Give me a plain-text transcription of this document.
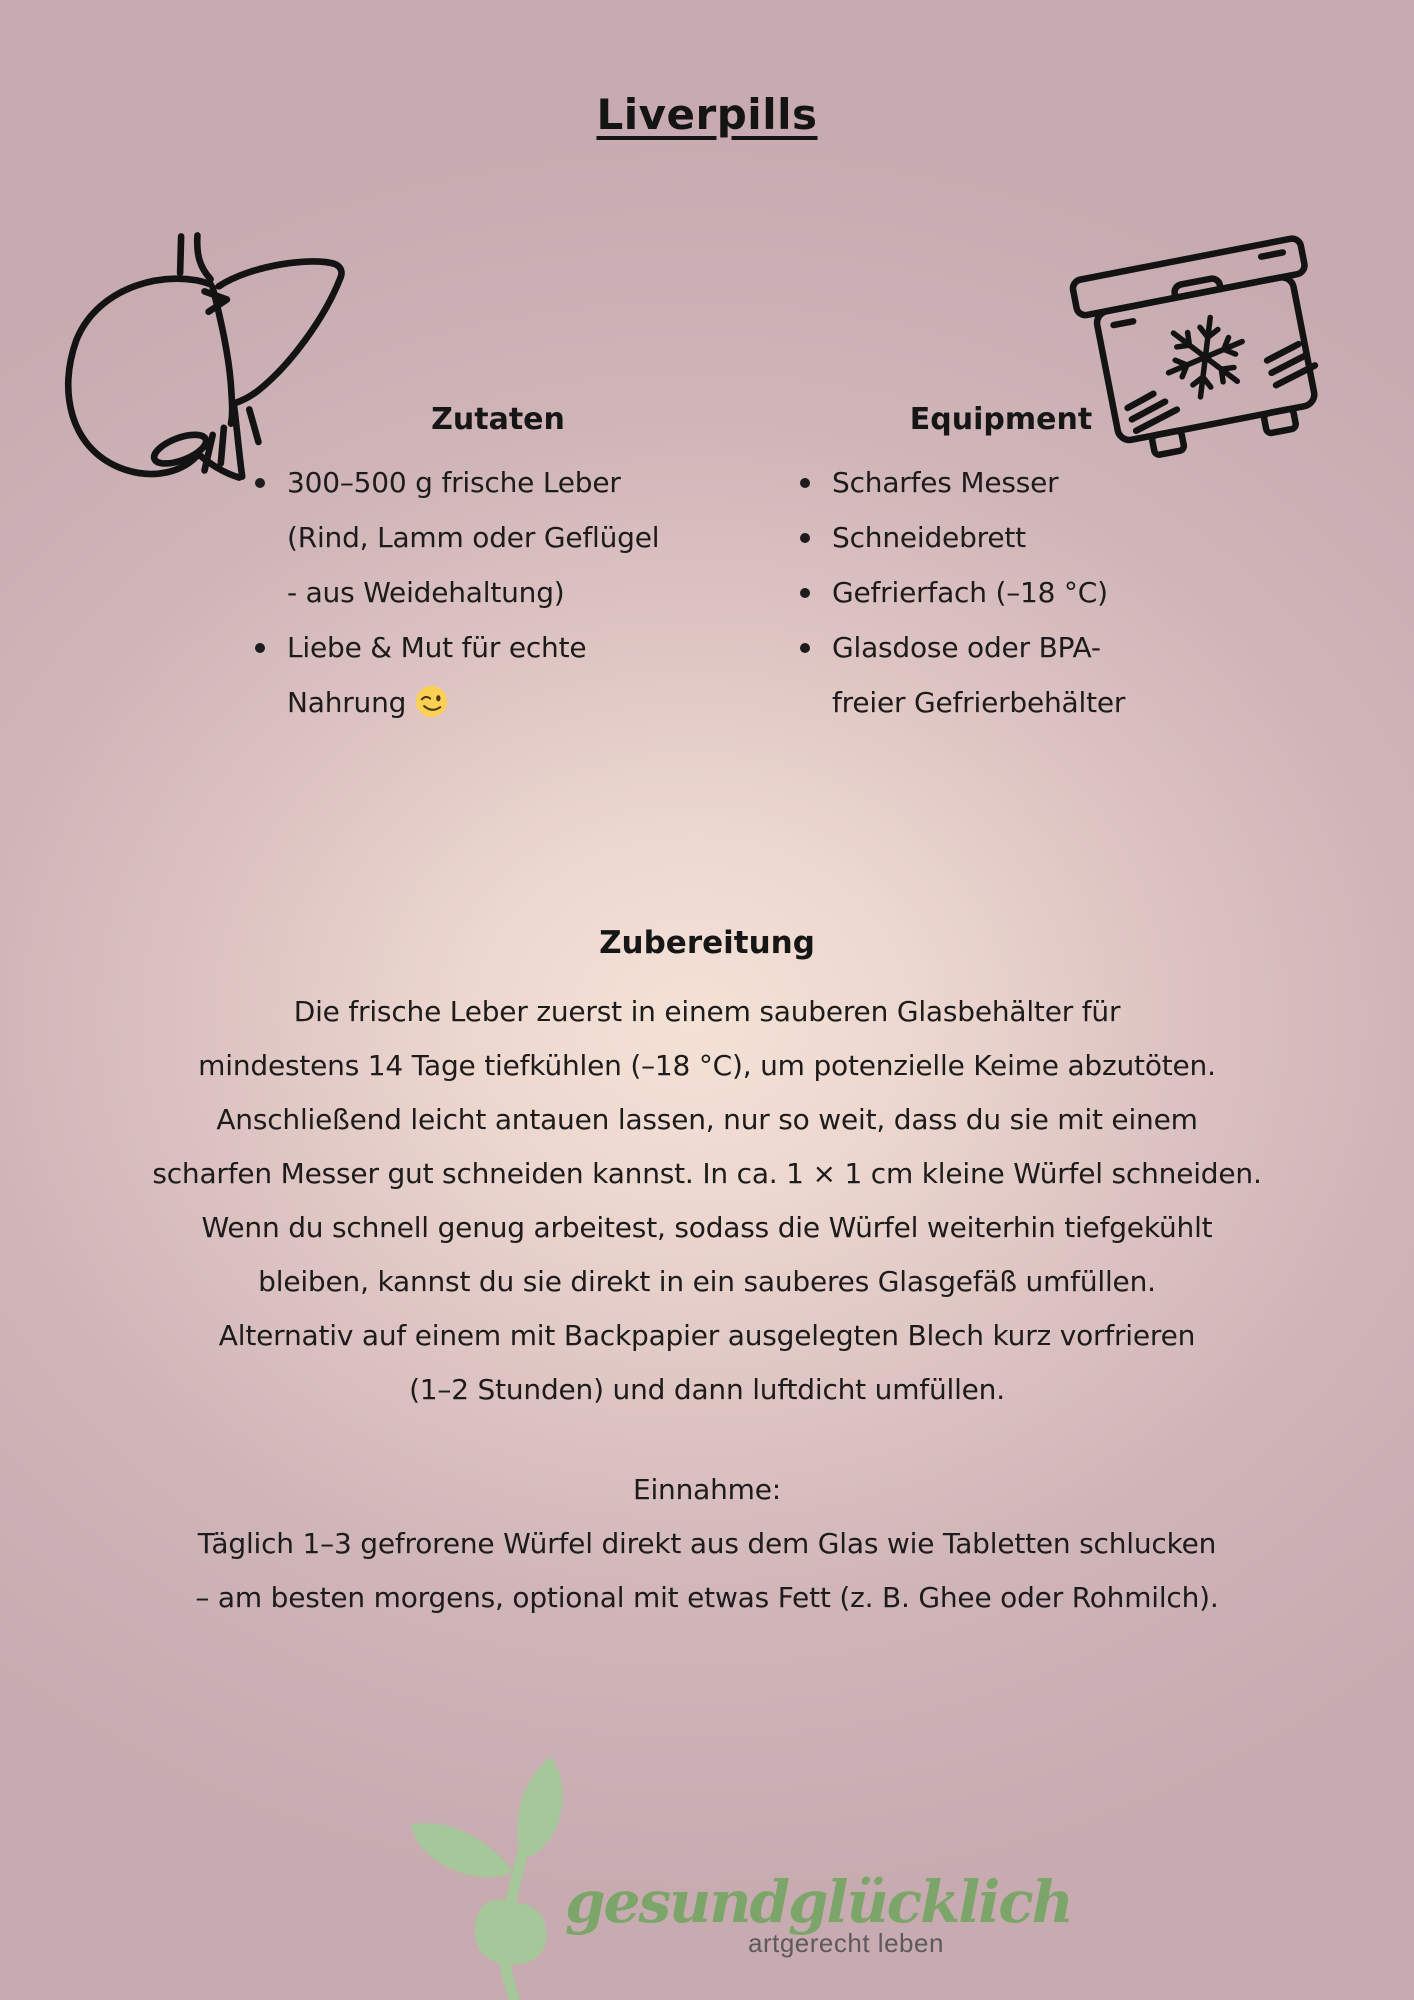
Liverpills
Zutaten	Equipment
300–500 g frische Leber
(Rind, Lamm oder Geflügel
- aus Weidehaltung)
Liebe & Mut für echte
Nahrung
Scharfes Messer
Schneidebrett
Gefrierfach (–18 °C)
Glasdose oder BPA-
freier Gefrierbehälter
Zubereitung
Die frische Leber zuerst in einem sauberen Glasbehälter für
mindestens 14 Tage tiefkühlen (–18 °C), um potenzielle Keime abzutöten.
Anschließend leicht antauen lassen, nur so weit, dass du sie mit einem
scharfen Messer gut schneiden kannst. In ca. 1 × 1 cm kleine Würfel schneiden.
Wenn du schnell genug arbeitest, sodass die Würfel weiterhin tiefgekühlt
bleiben, kannst du sie direkt in ein sauberes Glasgefäß umfüllen.
Alternativ auf einem mit Backpapier ausgelegten Blech kurz vorfrieren
(1–2 Stunden) und dann luftdicht umfüllen.
Einnahme:
Täglich 1–3 gefrorene Würfel direkt aus dem Glas wie Tabletten schlucken
– am besten morgens, optional mit etwas Fett (z. B. Ghee oder Rohmilch).
gesundglücklich
artgerecht leben
